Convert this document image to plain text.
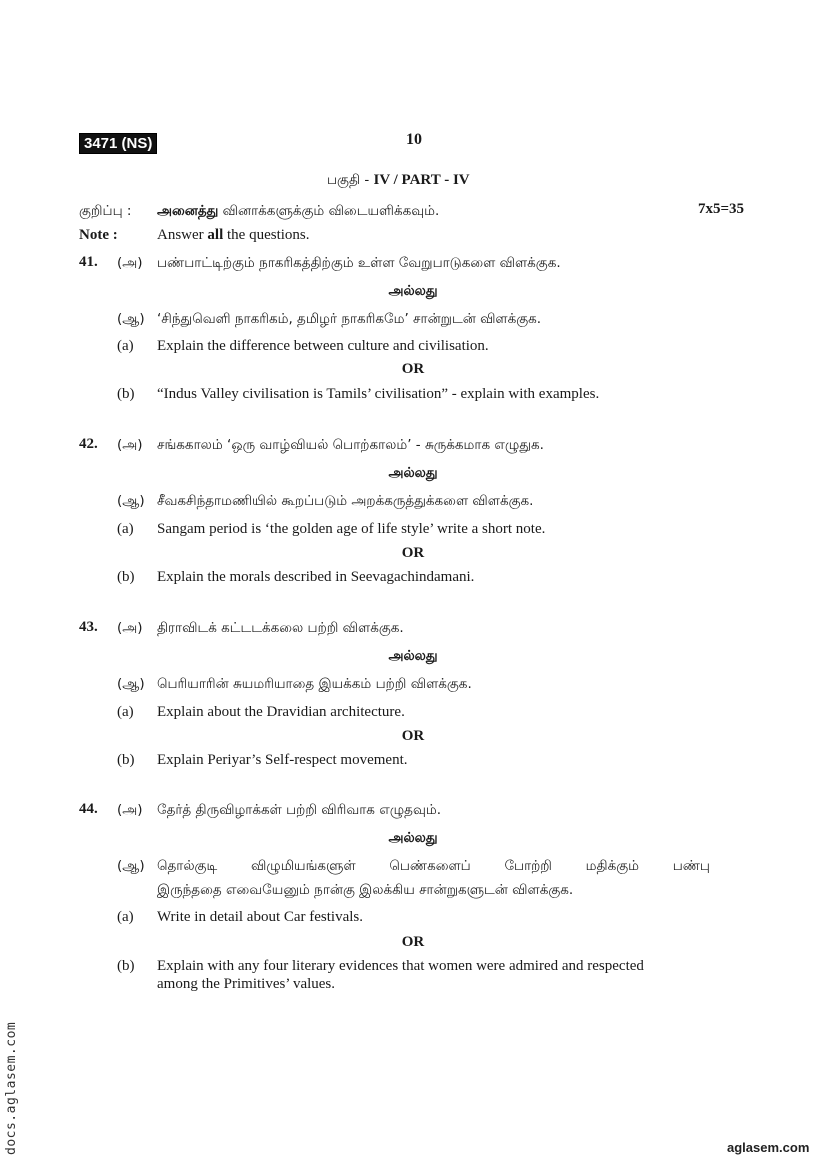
3471 (NS)	10
பகுதி - IV / PART - IV
குறிப்பு : அனைத்து வினாக்களுக்கும் விடையளிக்கவும்.	7x5=35
Note :	Answer all the questions.
41. (அ) பண்பாட்டிற்கும் நாகரிகத்திற்கும் உள்ள வேறுபாடுகளை விளக்குக.
அல்லது
(ஆ) ‘சிந்துவெளி நாகரிகம், தமிழர் நாகரிகமே’ சான்றுடன் விளக்குக.
(a) Explain the difference between culture and civilisation.
OR
(b) “Indus Valley civilisation is Tamils’ civilisation” - explain with examples.
42. (அ) சங்ககாலம் ‘ஒரு வாழ்வியல் பொற்காலம்’ - சுருக்கமாக எழுதுக.
அல்லது
(ஆ) சீவகசிந்தாமணியில் கூறப்படும் அறக்கருத்துக்களை விளக்குக.
(a) Sangam period is ‘the golden age of life style’ write a short note.
OR
(b) Explain the morals described in Seevagachindamani.
43. (அ) திராவிடக் கட்டடக்கலை பற்றி விளக்குக.
அல்லது
(ஆ) பெரியாரின் சுயமரியாதை இயக்கம் பற்றி விளக்குக.
(a) Explain about the Dravidian architecture.
OR
(b) Explain Periyar’s Self-respect movement.
44. (அ) தேர்த் திருவிழாக்கள் பற்றி விரிவாக எழுதவும்.
அல்லது
(ஆ) தொல்குடி விழுமியங்களுள் பெண்களைப் போற்றி மதிக்கும் பண்பு
இருந்ததை எவையேனும் நான்கு இலக்கிய சான்றுகளுடன் விளக்குக.
(a) Write in detail about Car festivals.
OR
(b) Explain with any four literary evidences that women were admired and respected
among the Primitives’ values.
docs.aglasem.com	aglasem.com
